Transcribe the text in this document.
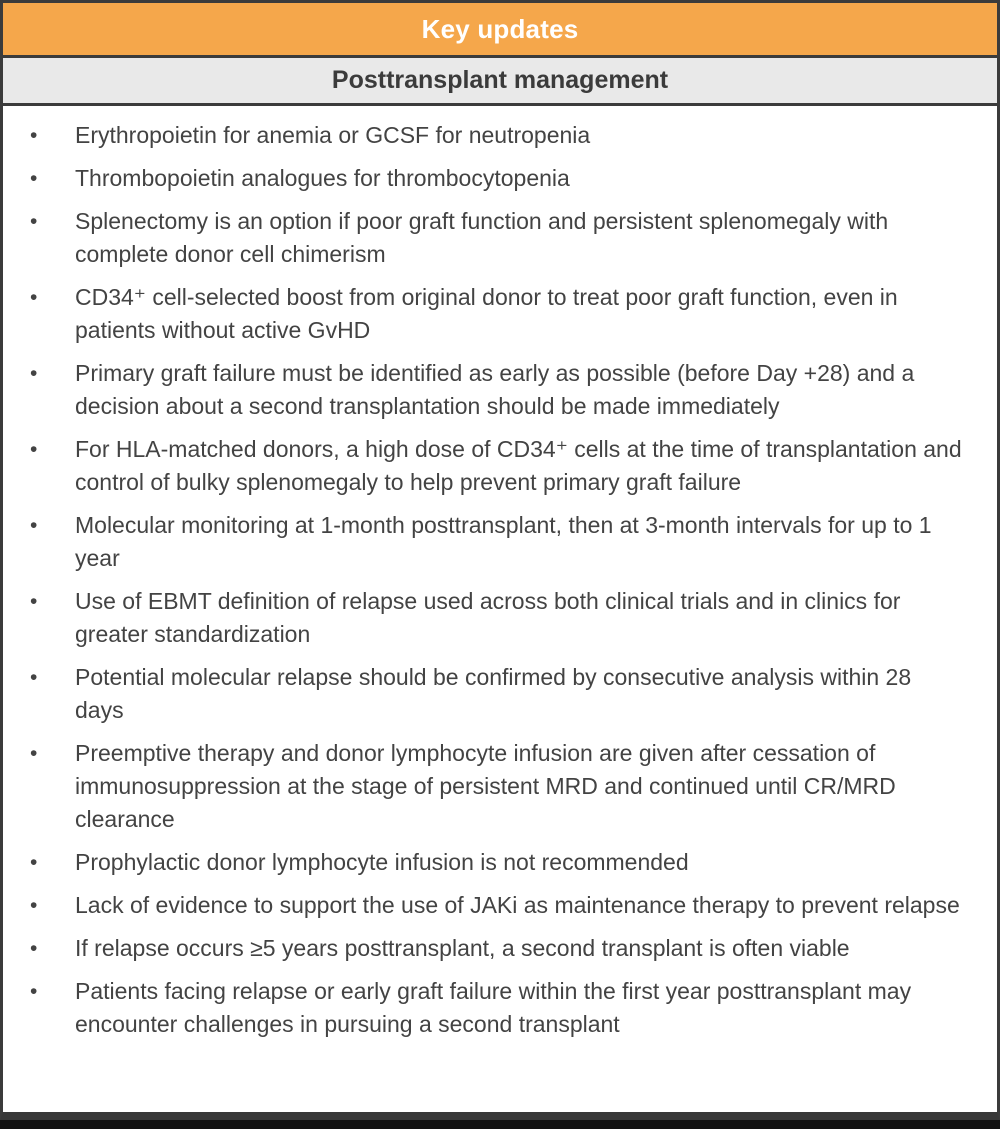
Key updates
Posttransplant management
•	Erythropoietin for anemia or GCSF for neutropenia
•	Thrombopoietin analogues for thrombocytopenia
•	Splenectomy is an option if poor graft function and persistent splenomegaly with complete donor cell chimerism
•	CD34⁺ cell-selected boost from original donor to treat poor graft function, even in patients without active GvHD
•	Primary graft failure must be identified as early as possible (before Day +28) and a decision about a second transplantation should be made immediately
•	For HLA-matched donors, a high dose of CD34⁺ cells at the time of transplantation and control of bulky splenomegaly to help prevent primary graft failure
•	Molecular monitoring at 1-month posttransplant, then at 3-month intervals for up to 1 year
•	Use of EBMT definition of relapse used across both clinical trials and in clinics for greater standardization
•	Potential molecular relapse should be confirmed by consecutive analysis within 28 days
•	Preemptive therapy and donor lymphocyte infusion are given after cessation of immunosuppression at the stage of persistent MRD and continued until CR/MRD clearance
•	Prophylactic donor lymphocyte infusion is not recommended
•	Lack of evidence to support the use of JAKi as maintenance therapy to prevent relapse
•	If relapse occurs ≥5 years posttransplant, a second transplant is often viable
•	Patients facing relapse or early graft failure within the first year posttransplant may encounter challenges in pursuing a second transplant
